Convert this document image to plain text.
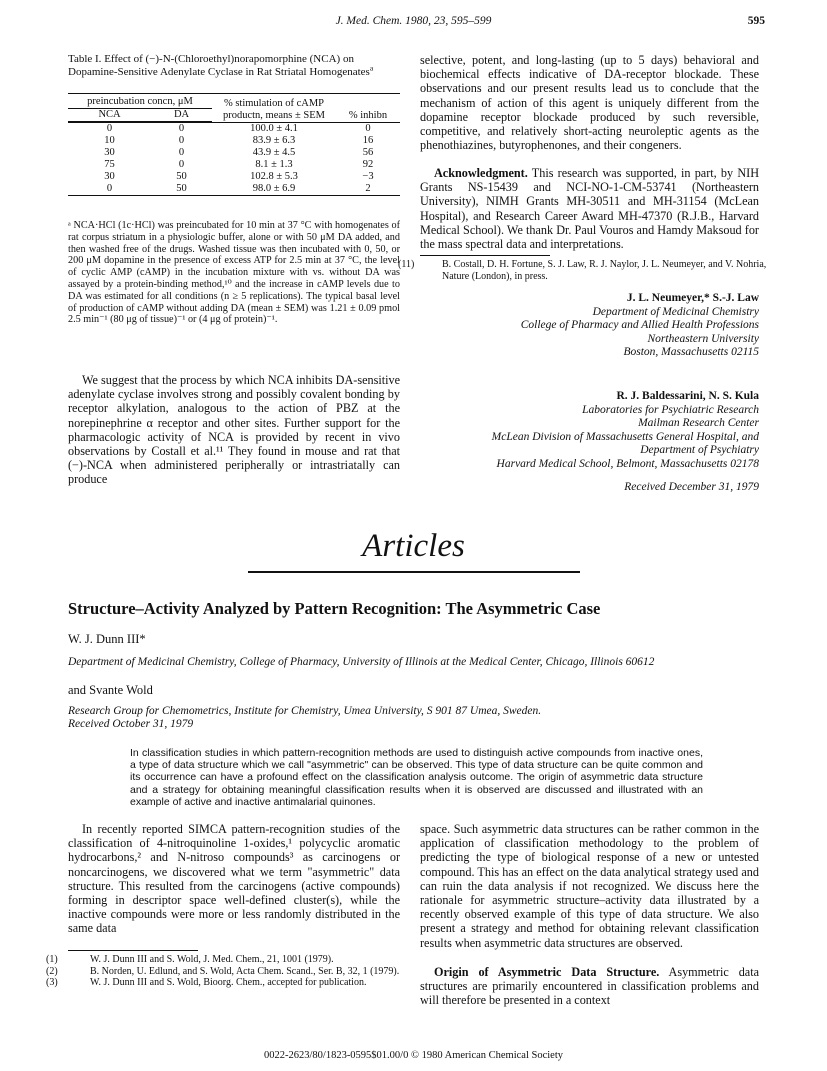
J. Med. Chem. 1980, 23, 595–599	595
Table I. Effect of (−)-N-(Chloroethyl)norapomorphine (NCA) on Dopamine-Sensitive Adenylate Cyclase in Rat Striatal Homogenates$^a$
preincubation concn, μM		% stimulation of cAMP productn, means ± SEM	% inhibn
NCA	DA		

0	0	100.0 ± 4.1	0
10	0	83.9 ± 6.3	16
30	0	43.9 ± 4.5	56
75	0	8.1 ± 1.3	92
30	50	102.8 ± 5.3	−3
0	50	98.0 ± 6.9	2
ᵃ NCA·HCl (1c·HCl) was preincubated for 10 min at 37 °C with homogenates of rat corpus striatum in a physiologic buffer, alone or with 50 μM DA added, and then washed free of the drugs. Washed tissue was then incubated with 0, 50, or 200 μM dopamine in the presence of excess ATP for 2.5 min at 37 °C, the level of cyclic AMP (cAMP) in the incubation mixture with vs. without DA was assayed by a protein-binding method,¹⁰ and the increase in cAMP levels due to DA was estimated for all conditions (n ≥ 5 replications). The typical basal level of production of cAMP without adding DA (mean ± SEM) was 1.21 ± 0.09 pmol 2.5 min⁻¹ (80 μg of tissue)⁻¹ or (4 μg of protein)⁻¹.
We suggest that the process by which NCA inhibits DA-sensitive adenylate cyclase involves strong and possibly covalent bonding by receptor alkylation, analogous to the action of PBZ at the norepinephrine α receptor and other sites. Further support for the pharmacologic activity of NCA is provided by recent in vivo observations by Costall et al.¹¹ They found in mouse and rat that (−)-NCA when administered peripherally or intrastriatally can produce
selective, potent, and long-lasting (up to 5 days) behavioral and biochemical effects indicative of DA-receptor blockade. These observations and our present results lead us to conclude that the mechanism of action of this agent is uniquely different from the dopamine receptor blockade produced by such reversible, competitive, and relatively short-acting neuroleptic agents as the phenothiazines, butyrophenones, and their congeners.
Acknowledgment. This research was supported, in part, by NIH Grants NS-15439 and NCI-NO-1-CM-53741 (Northeastern University), NIMH Grants MH-30511 and MH-31154 (McLean Hospital), and Research Career Award MH-47370 (R.J.B., Harvard Medical School). We thank Dr. Paul Vouros and Hamdy Maksoud for the mass spectral data and interpretations.
(11)	B. Costall, D. H. Fortune, S. J. Law, R. J. Naylor, J. L. Neumeyer, and V. Nohria, Nature (London), in press.
J. L. Neumeyer,* S.-J. Law
Department of Medicinal Chemistry
College of Pharmacy and Allied Health Professions
Northeastern University
Boston, Massachusetts 02115
R. J. Baldessarini, N. S. Kula
Laboratories for Psychiatric Research
Mailman Research Center
McLean Division of Massachusetts General Hospital, and
Department of Psychiatry
Harvard Medical School, Belmont, Massachusetts 02178
Received December 31, 1979
Articles
Structure–Activity Analyzed by Pattern Recognition: The Asymmetric Case
W. J. Dunn III*
Department of Medicinal Chemistry, College of Pharmacy, University of Illinois at the Medical Center, Chicago, Illinois 60612
and Svante Wold
Research Group for Chemometrics, Institute for Chemistry, Umea University, S 901 87 Umea, Sweden.
Received October 31, 1979
In classification studies in which pattern-recognition methods are used to distinguish active compounds from inactive ones, a type of data structure which we call "asymmetric" can be observed. This type of data structure can be quite common and its occurrence can have a profound effect on the classification analysis outcome. The origin of asymmetric data structure and a strategy for obtaining meaningful classification results when it is observed are discussed and illustrated with an example of active and inactive antimalarial quinones.
In recently reported SIMCA pattern-recognition studies of the classification of 4-nitroquinoline 1-oxides,¹ polycyclic aromatic hydrocarbons,² and N-nitroso compounds³ as carcinogens or noncarcinogens, we discovered what we term "asymmetric" data structure. This resulted from the carcinogens (active compounds) forming in descriptor space well-defined cluster(s), while the inactive compounds were more or less randomly distributed in the same data
(1)	W. J. Dunn III and S. Wold, J. Med. Chem., 21, 1001 (1979).
(2)	B. Norden, U. Edlund, and S. Wold, Acta Chem. Scand., Ser. B, 32, 1 (1979).
(3)	W. J. Dunn III and S. Wold, Bioorg. Chem., accepted for publication.
space. Such asymmetric data structures can be rather common in the application of classification methodology to the problem of predicting the type of biological response of a new or untested compound. This has an effect on the data analytical strategy used and can ruin the data analysis if not recognized. We discuss here the rationale for asymmetric structure–activity data illustrated by a recently observed example of this type of data structure. We also present a strategy and method for obtaining relevant classification results when asymmetric data structures are observed.
Origin of Asymmetric Data Structure. Asymmetric data structures are primarily encountered in classification problems and will therefore be presented in a context
0022-2623/80/1823-0595$01.00/0 © 1980 American Chemical Society
